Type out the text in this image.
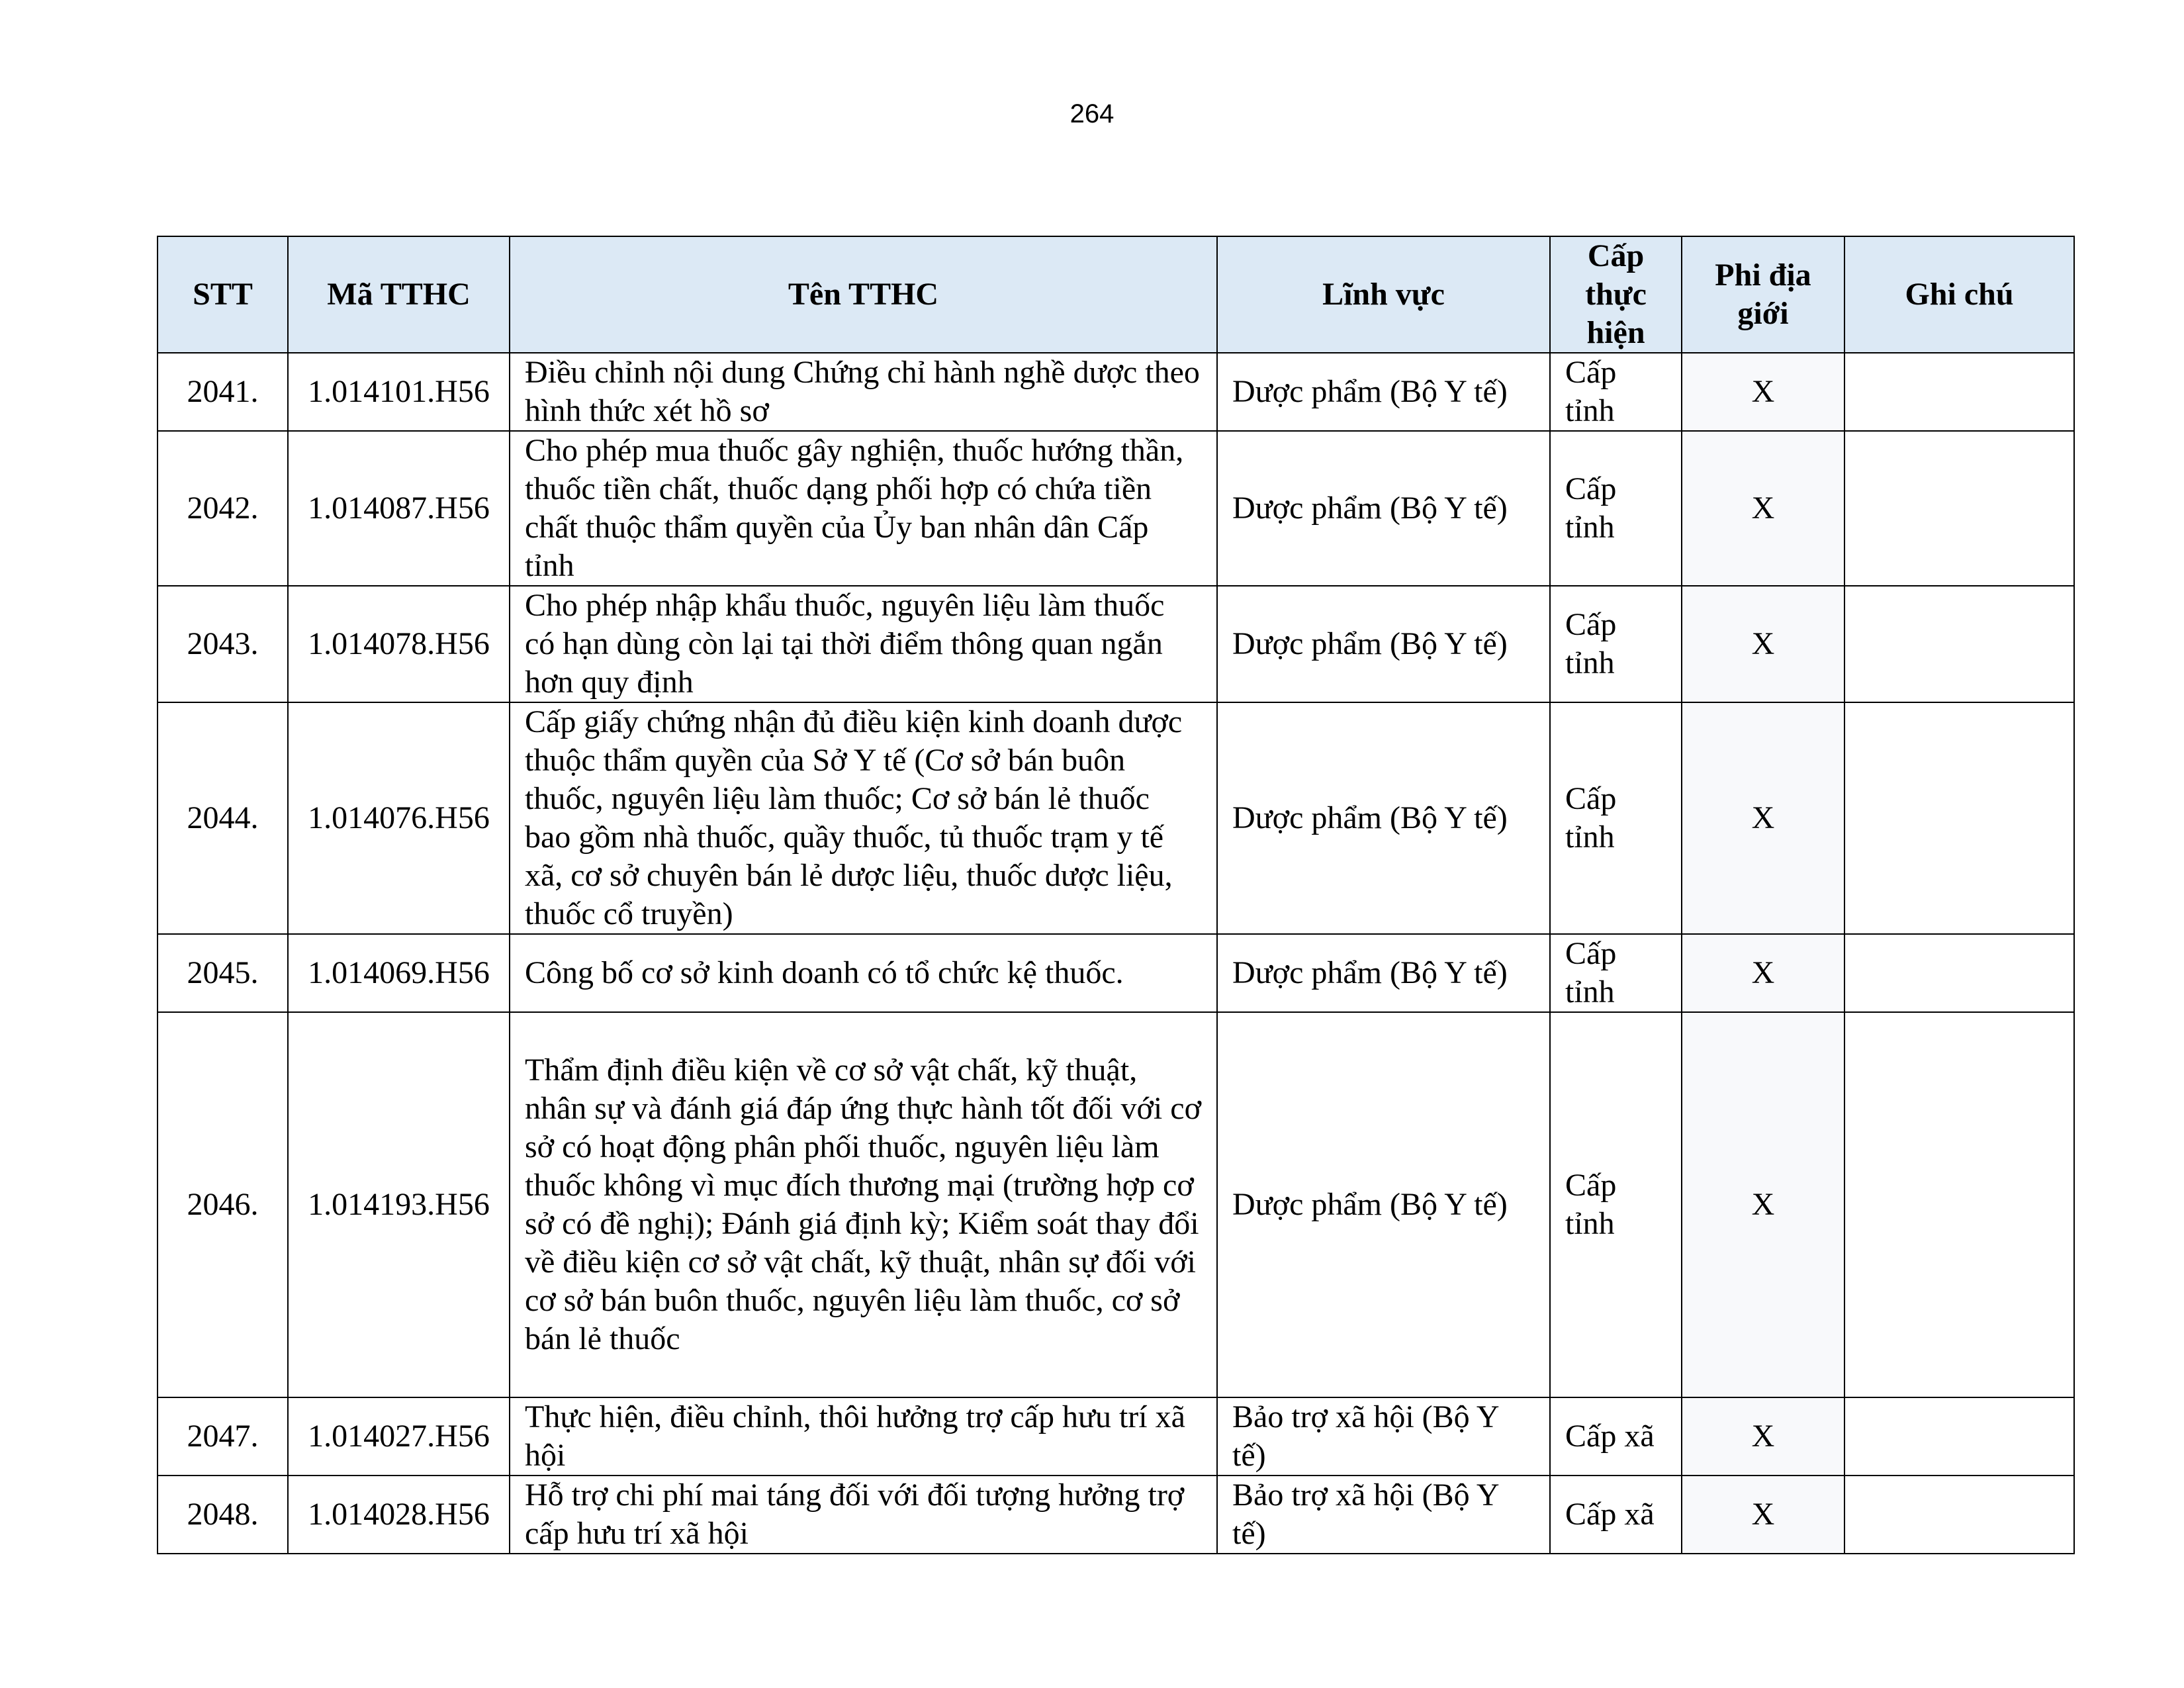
264
STT	Mã TTHC	Tên TTHC	Lĩnh vực	Cấp thực hiện	Phi địa giới	Ghi chú
2041.	1.014101.H56	Điều chỉnh nội dung Chứng chỉ hành nghề dược theo hình thức xét hồ sơ	Dược phẩm (Bộ Y tế)	Cấp tỉnh	X	
2042.	1.014087.H56	Cho phép mua thuốc gây nghiện, thuốc hướng thần, thuốc tiền chất, thuốc dạng phối hợp có chứa tiền chất thuộc thẩm quyền của Ủy ban nhân dân Cấp tỉnh	Dược phẩm (Bộ Y tế)	Cấp tỉnh	X	
2043.	1.014078.H56	Cho phép nhập khẩu thuốc, nguyên liệu làm thuốc có hạn dùng còn lại tại thời điểm thông quan ngắn hơn quy định	Dược phẩm (Bộ Y tế)	Cấp tỉnh	X	
2044.	1.014076.H56	Cấp giấy chứng nhận đủ điều kiện kinh doanh dược thuộc thẩm quyền của Sở Y tế (Cơ sở bán buôn thuốc, nguyên liệu làm thuốc; Cơ sở bán lẻ thuốc bao gồm nhà thuốc, quầy thuốc, tủ thuốc trạm y tế xã, cơ sở chuyên bán lẻ dược liệu, thuốc dược liệu, thuốc cổ truyền)	Dược phẩm (Bộ Y tế)	Cấp tỉnh	X	
2045.	1.014069.H56	Công bố cơ sở kinh doanh có tổ chức kệ thuốc.	Dược phẩm (Bộ Y tế)	Cấp tỉnh	X	
2046.	1.014193.H56	Thẩm định điều kiện về cơ sở vật chất, kỹ thuật, nhân sự và đánh giá đáp ứng thực hành tốt đối với cơ sở có hoạt động phân phối thuốc, nguyên liệu làm thuốc không vì mục đích thương mại (trường hợp cơ sở có đề nghị); Đánh giá định kỳ; Kiểm soát thay đổi về điều kiện cơ sở vật chất, kỹ thuật, nhân sự đối với cơ sở bán buôn thuốc, nguyên liệu làm thuốc, cơ sở bán lẻ thuốc	Dược phẩm (Bộ Y tế)	Cấp tỉnh	X	
2047.	1.014027.H56	Thực hiện, điều chỉnh, thôi hưởng trợ cấp hưu trí xã hội	Bảo trợ xã hội (Bộ Y tế)	Cấp xã	X	
2048.	1.014028.H56	Hỗ trợ chi phí mai táng đối với đối tượng hưởng trợ cấp hưu trí xã hội	Bảo trợ xã hội (Bộ Y tế)	Cấp xã	X	
